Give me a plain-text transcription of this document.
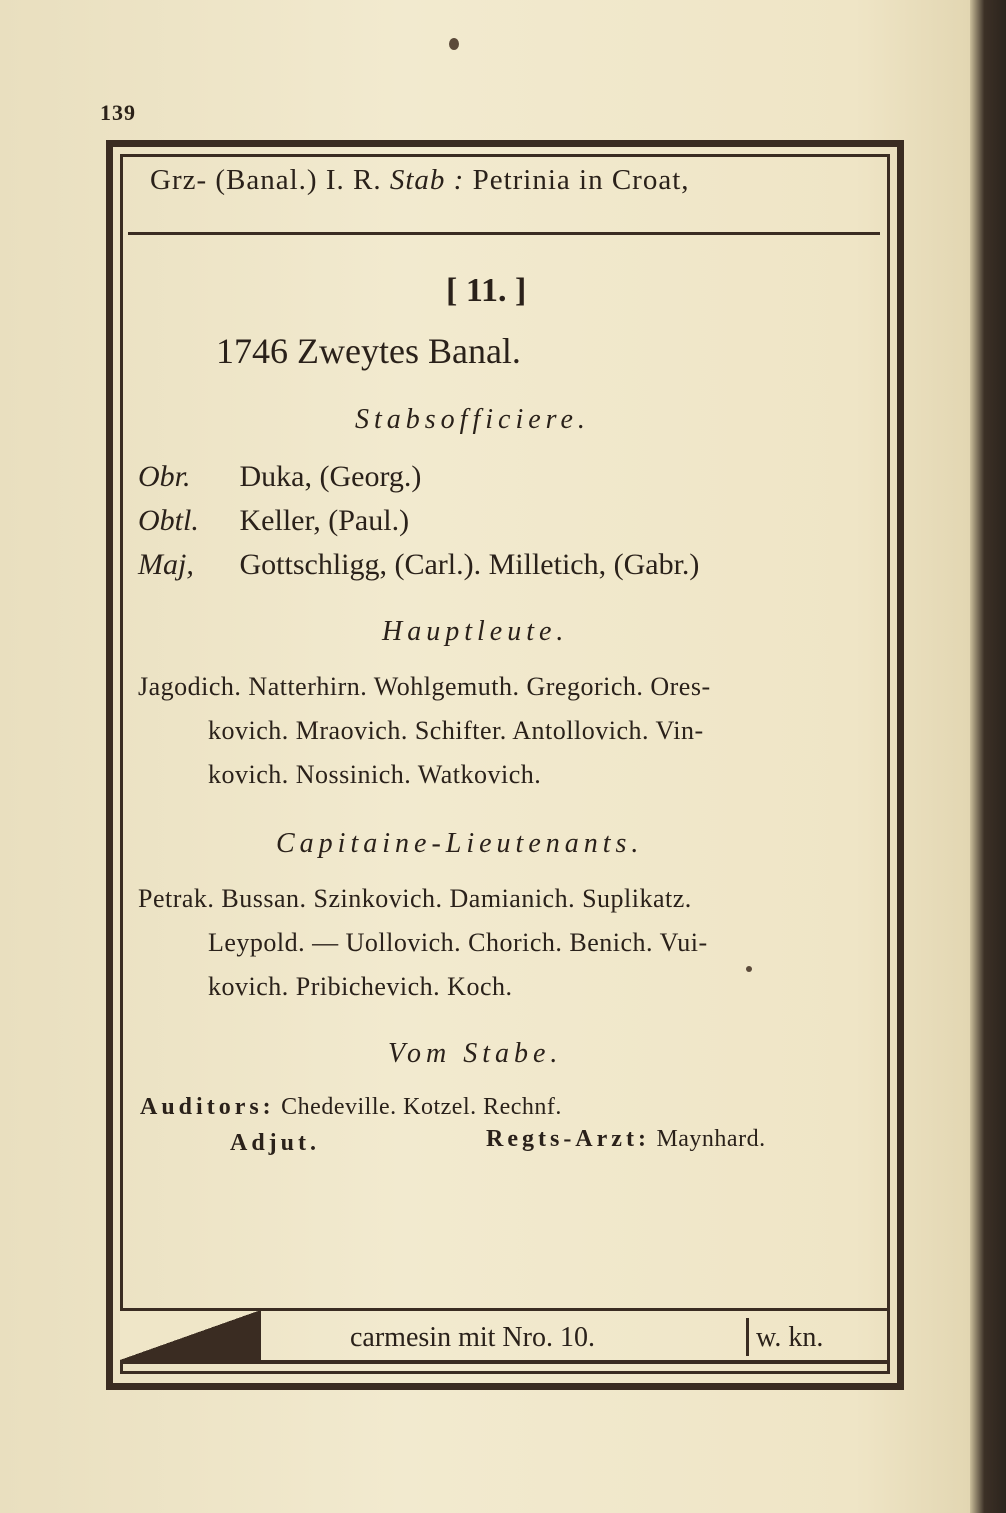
139
Grz- (Banal.) I. R. Stab : Petrinia in Croat,
[ 11. ]
1746 Zweytes Banal.
Stabsofficiere.
Obr. Duka, (Georg.)
Obtl. Keller, (Paul.)
Maj, Gottschligg, (Carl.). Milletich, (Gabr.)
Hauptleute.
Jagodich. Natterhirn. Wohlgemuth. Gregorich. Ores-
kovich. Mraovich. Schifter. Antollovich. Vin-
kovich. Nossinich. Watkovich.
Capitaine-Lieutenants.
Petrak. Bussan. Szinkovich. Damianich. Suplikatz.
Leypold. — Uollovich. Chorich. Benich. Vui-
kovich. Pribichevich. Koch.
Vom Stabe.
Auditors: Chedeville. Kotzel. Rechnf.
Adjut.	Regts-Arzt: Maynhard.
carmesin mit Nro. 10.	w. kn.
